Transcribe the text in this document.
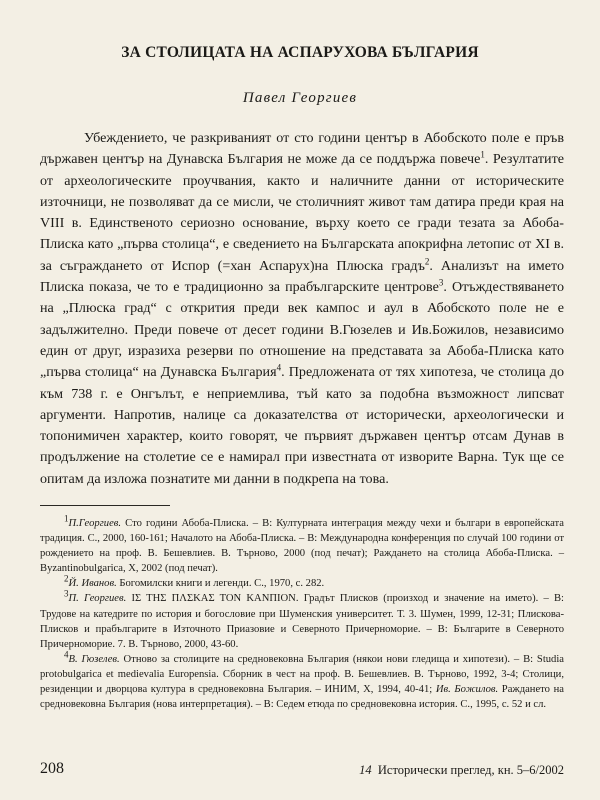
ЗА СТОЛИЦАТА НА АСПАРУХОВА БЪЛГАРИЯ
Павел Георгиев

Убеждението, че разкриваният от сто години център в Абобското поле е пръв държавен център на Дунавска България не може да се поддържа повече$^1$. Резултатите от археологическите проучвания, както и наличните данни от историческите източници, не позволяват да се мисли, че столичният живот там датира преди края на VIII в. Единственото сериозно основание, върху което се гради тезата за Абоба-Плиска като „първа столица“, е сведението на Българската апокрифна летопис от XI в. за съграждането от Испор (=хан Аспарух)на Плюска градъ$^2$. Анализът на името Плиска показа, че то е традиционно за прабългарските центрове$^3$. Отъждествяването на „Плюска град“ с открития преди век кампос и аул в Абобското поле не е задължително. Преди повече от десет години В.Гюзелев и Ив.Божилов, независимо един от друг, изразиха резерви по отношение на представата за Абоба-Плиска като „първа столица“ на Дунавска България$^4$. Предложената от тях хипотеза, че столица до към 738 г. е Онгълът, е неприемлива, тъй като за подобна възможност липсват аргументи. Напротив, налице са доказателства от исторически, археологически и топонимичен характер, които говорят, че първият държавен център отсам Дунав в продължение на столетие се е намирал при известната от изворите Варна. Тук ще се опитам да изложа познатите ми данни в подкрепа на това.

$^1$П.Георгиев. Сто години Абоба-Плиска. – В: Културната интеграция между чехи и българи в европейската традиция. С., 2000, 160-161; Началото на Абоба-Плиска. – В: Международна конференция по случай 100 години от рождението на проф. В. Бешевлиев. В. Търново, 2000 (под печат); Раждането на столица Абоба-Плиска. – Byzantinobulgarica, X, 2002 (под печат).

$^2$Й. Иванов. Богомилски книги и легенди. С., 1970, с. 282.

$^3$П. Георгиев. ΙΣ ΤΗΣ ΠΛΣΚΑΣ ΤΟΝ ΚΑΝΠΙΟΝ. Градът Плисков (произход и значение на името). – В: Трудове на катедрите по история и богословие при Шуменския университет. Т. 3. Шумен, 1999, 12-31; Плискова-Плисков и прабългарите в Източното Приазовие и Северното Причерноморие. – В: Българите в Северното Причерноморие. 7. В. Търново, 2000, 43-60.

$^4$В. Гюзелев. Отново за столиците на средновековна България (някои нови гледища и хипотези). – В: Studia protobulgarica et medievalia Europensia. Сборник в чест на проф. В. Бешевлиев. В. Търново, 1992, 3-4; Столици, резиденции и дворцова култура в средновековна България. – ИНИМ, X, 1994, 40-41; Ив. Божилов. Раждането на средновековна България (нова интерпретация). – В: Седем етюда по средновековна история. С., 1995, с. 52 и сл.

208	14 Исторически преглед, кн. 5–6/2002
